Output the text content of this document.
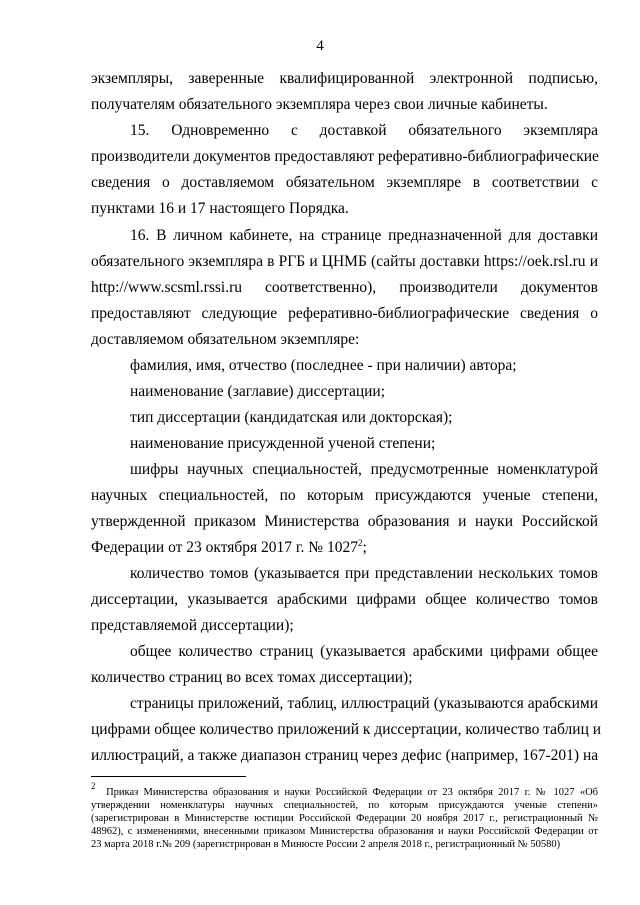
4
экземпляры, заверенные квалифицированной электронной подписью,
получателям обязательного экземпляра через свои личные кабинеты.
15. Одновременно с доставкой обязательного экземпляра
производители документов предоставляют реферативно-библиографические
сведения о доставляемом обязательном экземпляре в соответствии с
пунктами 16 и 17 настоящего Порядка.
16. В личном кабинете, на странице предназначенной для доставки
обязательного экземпляра в РГБ и ЦНМБ (сайты доставки https://oek.rsl.ru и
http://www.scsml.rssi.ru соответственно), производители документов
предоставляют следующие реферативно-библиографические сведения о
доставляемом обязательном экземпляре:
фамилия, имя, отчество (последнее - при наличии) автора;
наименование (заглавие) диссертации;
тип диссертации (кандидатская или докторская);
наименование присужденной ученой степени;
шифры научных специальностей, предусмотренные номенклатурой
научных специальностей, по которым присуждаются ученые степени,
утвержденной приказом Министерства образования и науки Российской
Федерации от 23 октября 2017 г. № 1027$^2$;
количество томов (указывается при представлении нескольких томов
диссертации, указывается арабскими цифрами общее количество томов
представляемой диссертации);
общее количество страниц (указывается арабскими цифрами общее
количество страниц во всех томах диссертации);
страницы приложений, таблиц, иллюстраций (указываются арабскими
цифрами общее количество приложений к диссертации, количество таблиц и
иллюстраций, а также диапазон страниц через дефис (например, 167-201) на
$^2$  Приказ Министерства образования и науки Российской Федерации от 23 октября 2017 г. № 1027 «Об
утверждении номенклатуры научных специальностей, по которым присуждаются ученые степени»
(зарегистрирован в Министерстве юстиции Российской Федерации 20 ноября 2017 г., регистрационный №
48962), с изменениями, внесенными приказом Министерства образования и науки Российской Федерации от
23 марта 2018 г.№ 209 (зарегистрирован в Минюсте России 2 апреля 2018 г., регистрационный № 50580)
